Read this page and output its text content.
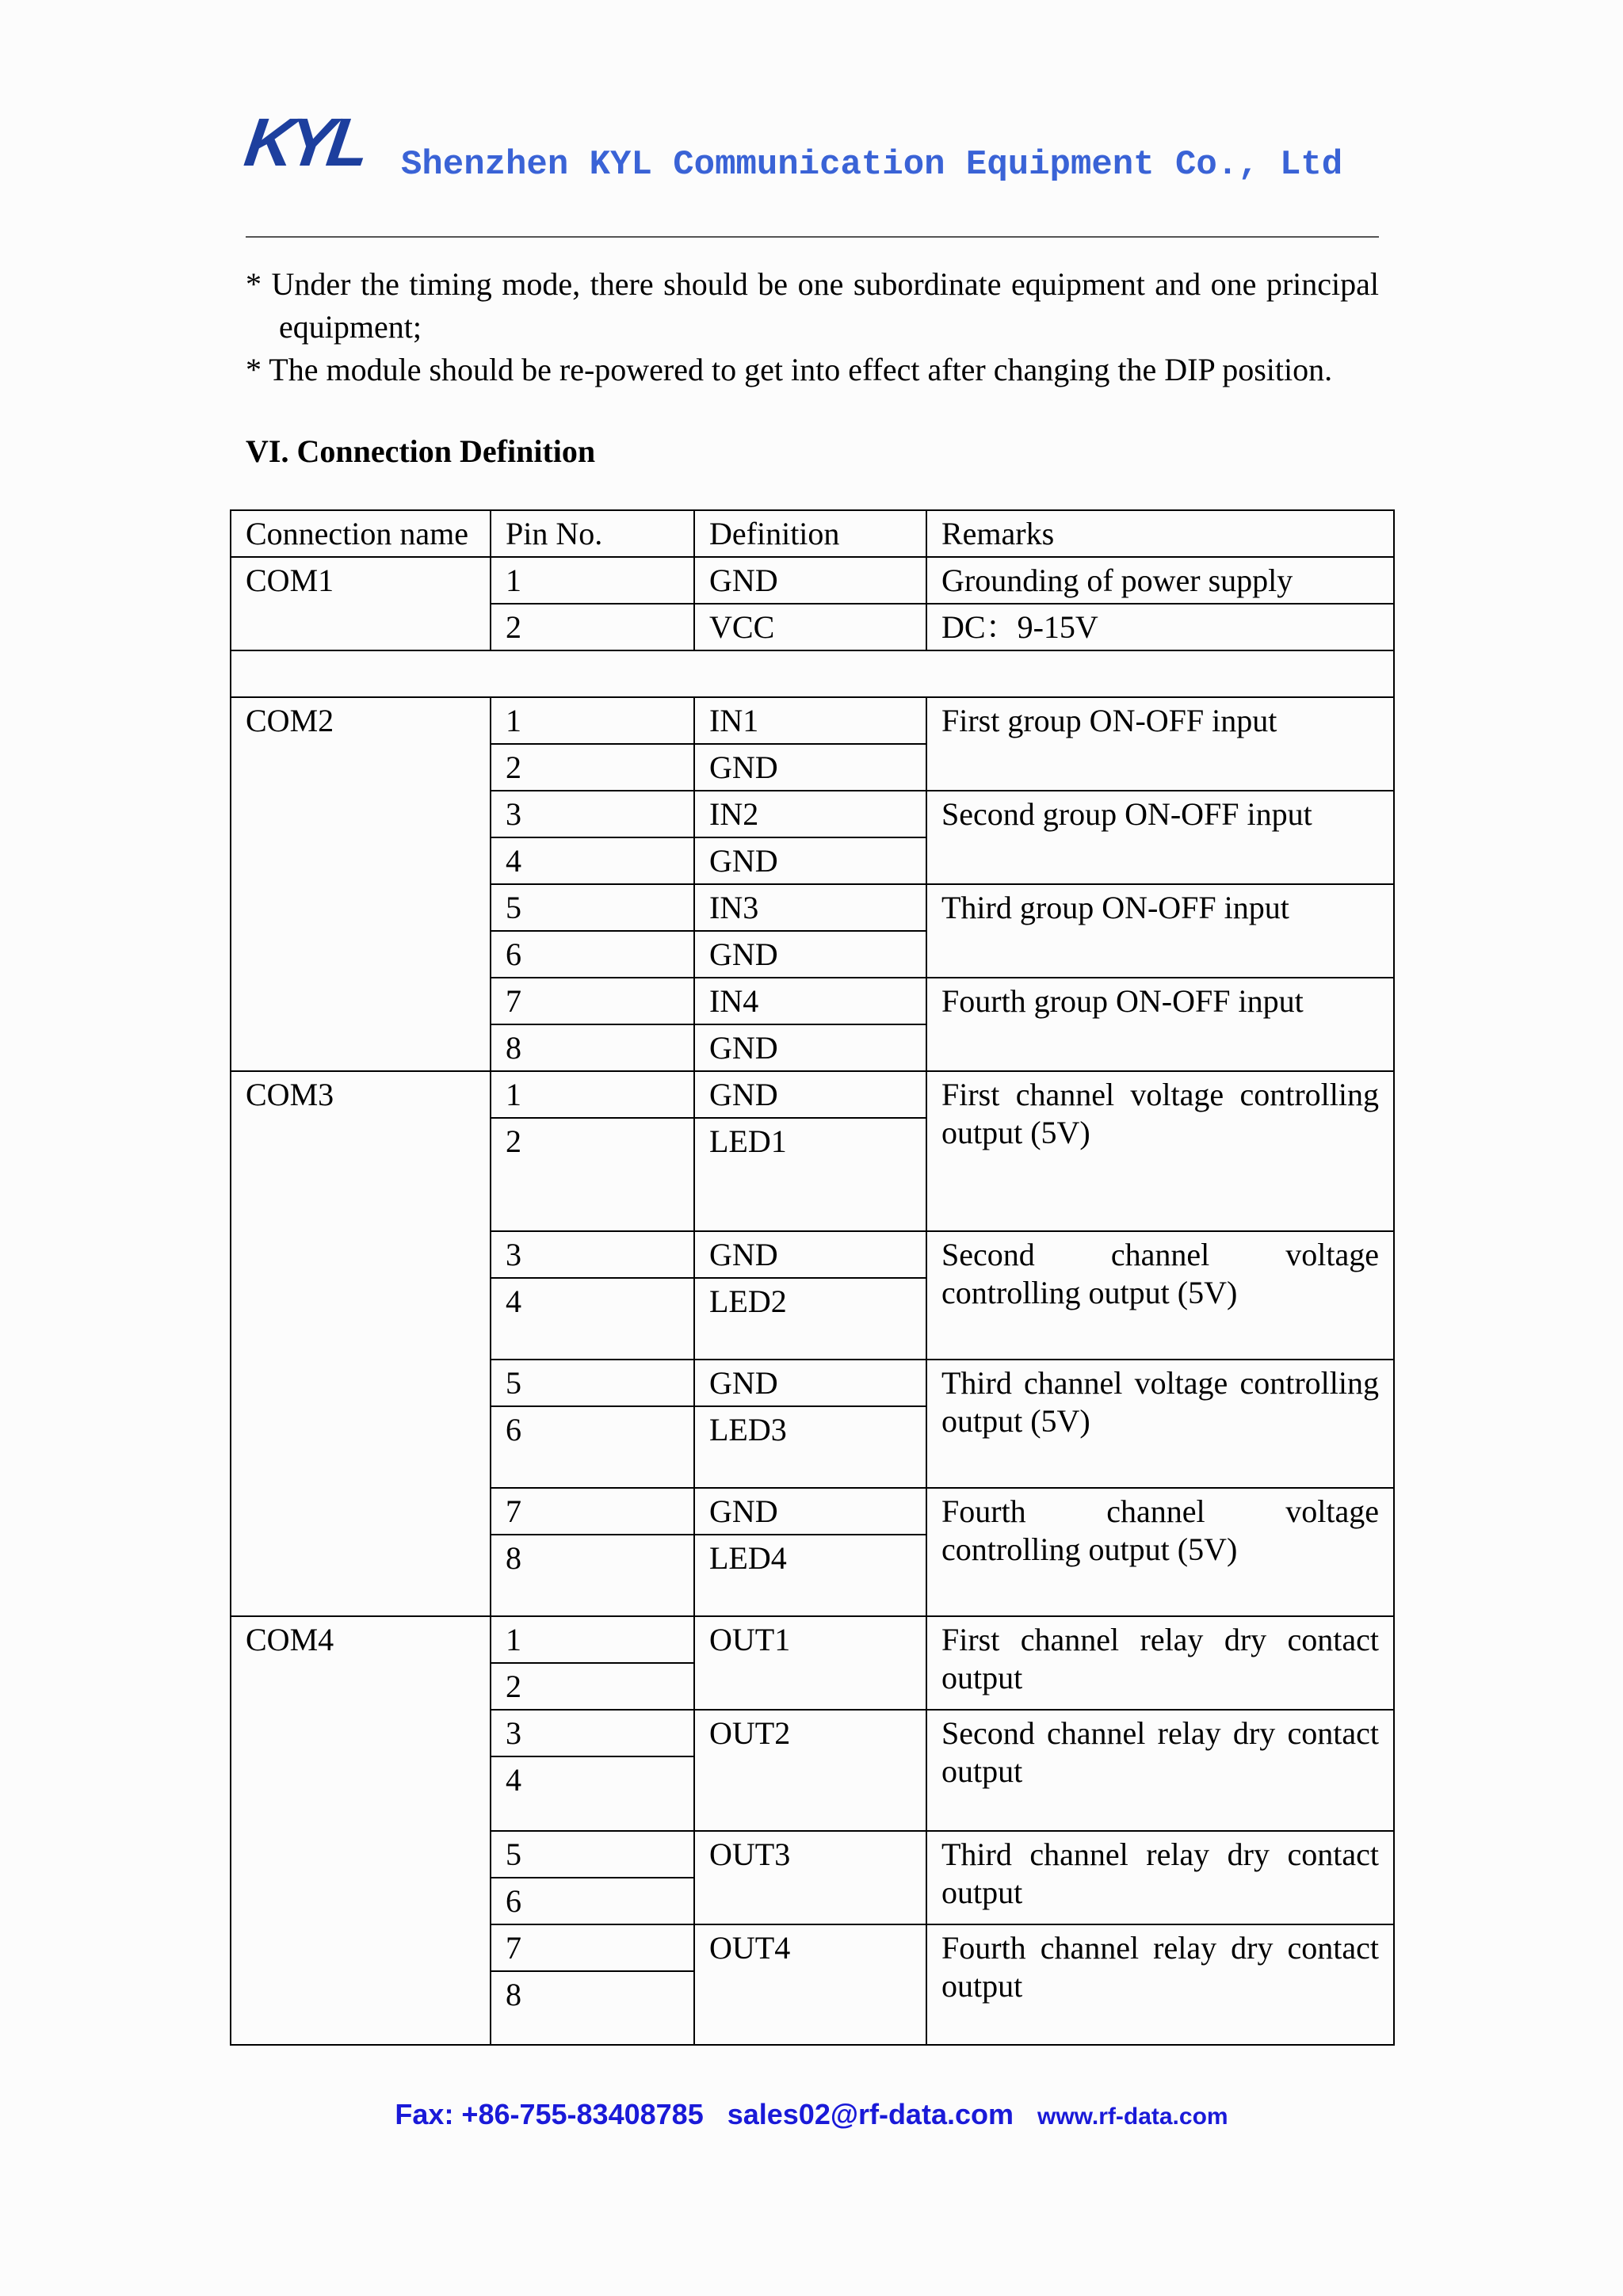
KYL Shenzhen KYL Communication Equipment Co., Ltd
* Under the timing mode, there should be one subordinate equipment and one principal equipment;
* The module should be re-powered to get into effect after changing the DIP position.
VI. Connection Definition
Connection name	Pin No.	Definition	Remarks
COM1	1	GND	Grounding of power supply
	2	VCC	DC：9-15V

COM2	1	IN1	First group ON-OFF input
	2	GND	
	3	IN2	Second group ON-OFF input
	4	GND	
	5	IN3	Third group ON-OFF input
	6	GND	
	7	IN4	Fourth group ON-OFF input
	8	GND	
COM3	1	GND	First channel voltage controlling output (5V)
	2	LED1	
	3	GND	Second channel voltage controlling output (5V)
	4	LED2	
	5	GND	Third channel voltage controlling output (5V)
	6	LED3	
	7	GND	Fourth channel voltage controlling output (5V)
	8	LED4	
COM4	1	OUT1	First channel relay dry contact output
	2		
	3	OUT2	Second channel relay dry contact output
	4		
	5	OUT3	Third channel relay dry contact output
	6		
	7	OUT4	Fourth channel relay dry contact output
	8		
Fax: +86-755-83408785 sales02@rf-data.com www.rf-data.com
